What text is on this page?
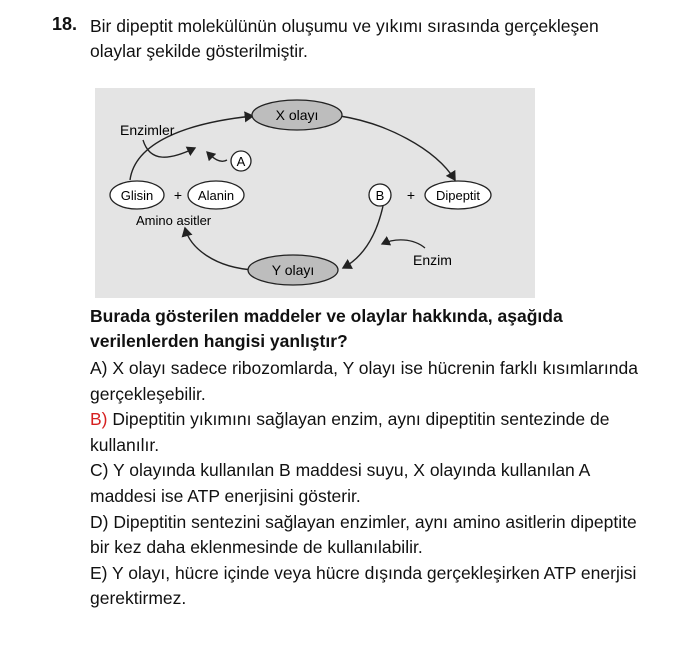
18. Bir dipeptit molekülünün oluşumu ve yıkımı sırasında gerçekleşen olaylar şekilde gösterilmiştir.
X olayı
Y olayı
Enzimler
A
Glisin + Alanin
Amino asitler
B + Dipeptit
Enzim
Burada gösterilen maddeler ve olaylar hakkında, aşağıda verilenlerden hangisi yanlıştır?

A) X olayı sadece ribozomlarda, Y olayı ise hücrenin farklı kısımlarında gerçekleşebilir.

B) Dipeptitin yıkımını sağlayan enzim, aynı dipeptitin sentezinde de kullanılır.

C) Y olayında kullanılan B maddesi suyu, X olayında kullanılan A maddesi ise ATP enerjisini gösterir.

D) Dipeptitin sentezini sağlayan enzimler, aynı amino asitlerin dipeptite bir kez daha eklenmesinde de kullanılabilir.

E) Y olayı, hücre içinde veya hücre dışında gerçekleşirken ATP enerjisi gerektirmez.
